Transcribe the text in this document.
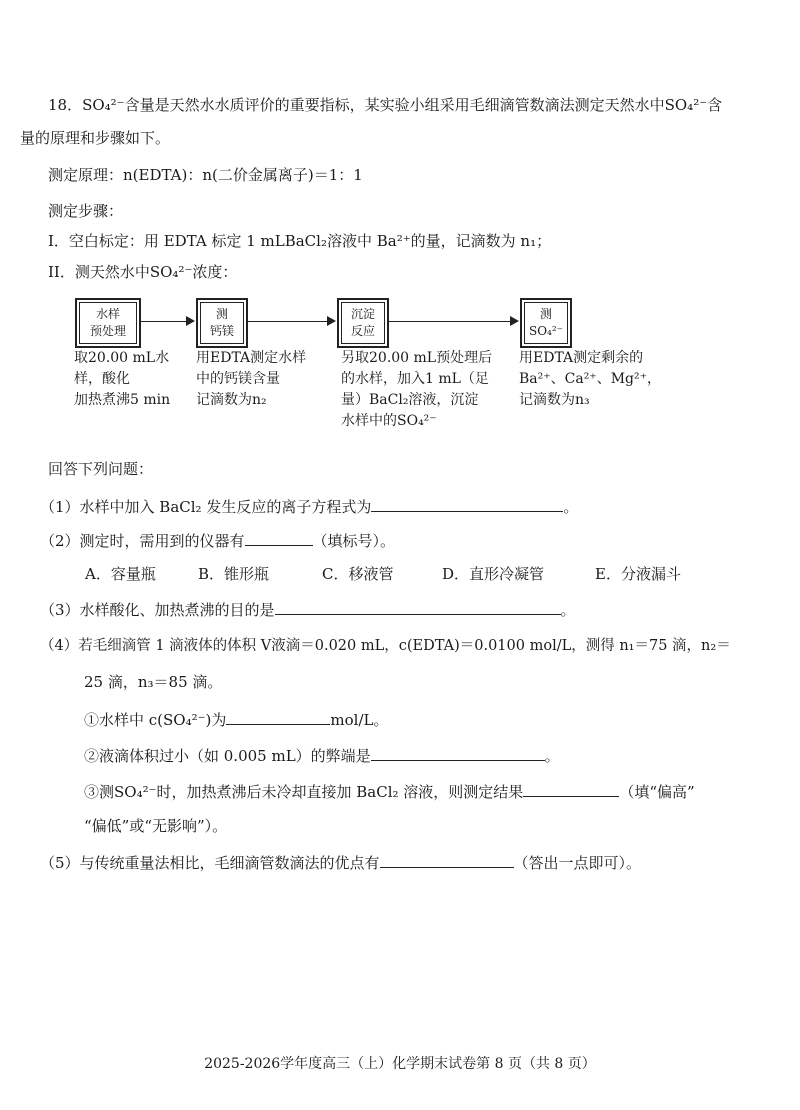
18．SO₄²⁻含量是天然水水质评价的重要指标，某实验小组采用毛细滴管数滴法测定天然水中SO₄²⁻含
量的原理和步骤如下。
测定原理：n(EDTA)：n(二价金属离子)＝1：1
测定步骤：
I．空白标定：用 EDTA 标定 1 mLBaCl₂溶液中 Ba²⁺的量，记滴数为 n₁；
II．测天然水中SO₄²⁻浓度：
水样
预处理
测
钙镁
沉淀
反应
测
SO₄²⁻
取20.00 mL水
样，酸化
加热煮沸5 min
用EDTA测定水样
中的钙镁含量
记滴数为n₂
另取20.00 mL预处理后
的水样，加入1 mL（足
量）BaCl₂溶液，沉淀
水样中的SO₄²⁻
用EDTA测定剩余的
Ba²⁺、Ca²⁺、Mg²⁺，
记滴数为n₃
回答下列问题：
（1）水样中加入 BaCl₂ 发生反应的离子方程式为	。
（2）测定时，需用到的仪器有	（填标号）。
A．容量瓶	B．锥形瓶	C．移液管	D．直形冷凝管	E．分液漏斗
（3）水样酸化、加热煮沸的目的是	。
（4）若毛细滴管 1 滴液体的体积 V液滴＝0.020 mL，c(EDTA)＝0.0100 mol/L，测得 n₁＝75 滴，n₂＝
25 滴，n₃＝85 滴。
①水样中 c(SO₄²⁻)为	mol/L。
②液滴体积过小（如 0.005 mL）的弊端是	。
③测SO₄²⁻时，加热煮沸后未冷却直接加 BaCl₂ 溶液，则测定结果	（填“偏高”
“偏低”或“无影响”）。
（5）与传统重量法相比，毛细滴管数滴法的优点有	（答出一点即可）。
2025-2026学年度高三（上）化学期末试卷第 8 页（共 8 页）
